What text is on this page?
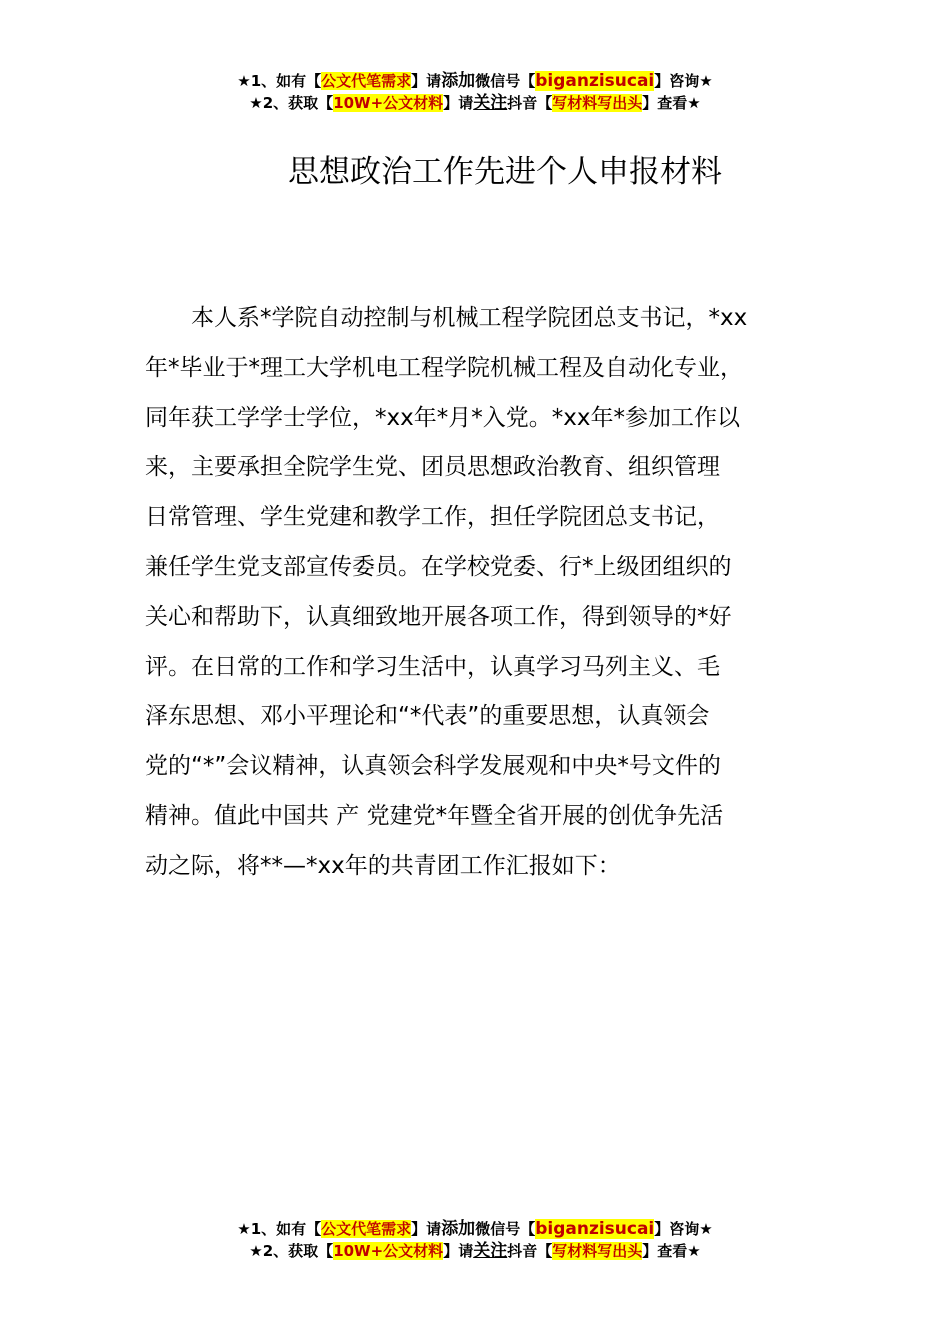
★1、如有【公文代笔需求】请添加微信号【biganzisucai】咨询★
★2、获取【10W+公文材料】请关注抖音【写材料写出头】查看★
思想政治工作先进个人申报材料
　　本人系*学院自动控制与机械工程学院团总支书记，*xx
年*毕业于*理工大学机电工程学院机械工程及自动化专业，
同年获工学学士学位，*xx年*月*入党。*xx年*参加工作以
来，主要承担全院学生党、团员思想政治教育、组织管理
日常管理、学生党建和教学工作，担任学院团总支书记，
兼任学生党支部宣传委员。在学校党委、行*上级团组织的
关心和帮助下，认真细致地开展各项工作，得到领导的*好
评。在日常的工作和学习生活中，认真学习马列主义、毛
泽东思想、邓小平理论和“*代表”的重要思想，认真领会
党的“*”会议精神，认真领会科学发展观和中央*号文件的
精神。值此中国共 产 党建党*年暨全省开展的创优争先活
动之际，将**—*xx年的共青团工作汇报如下：
★1、如有【公文代笔需求】请添加微信号【biganzisucai】咨询★
★2、获取【10W+公文材料】请关注抖音【写材料写出头】查看★
